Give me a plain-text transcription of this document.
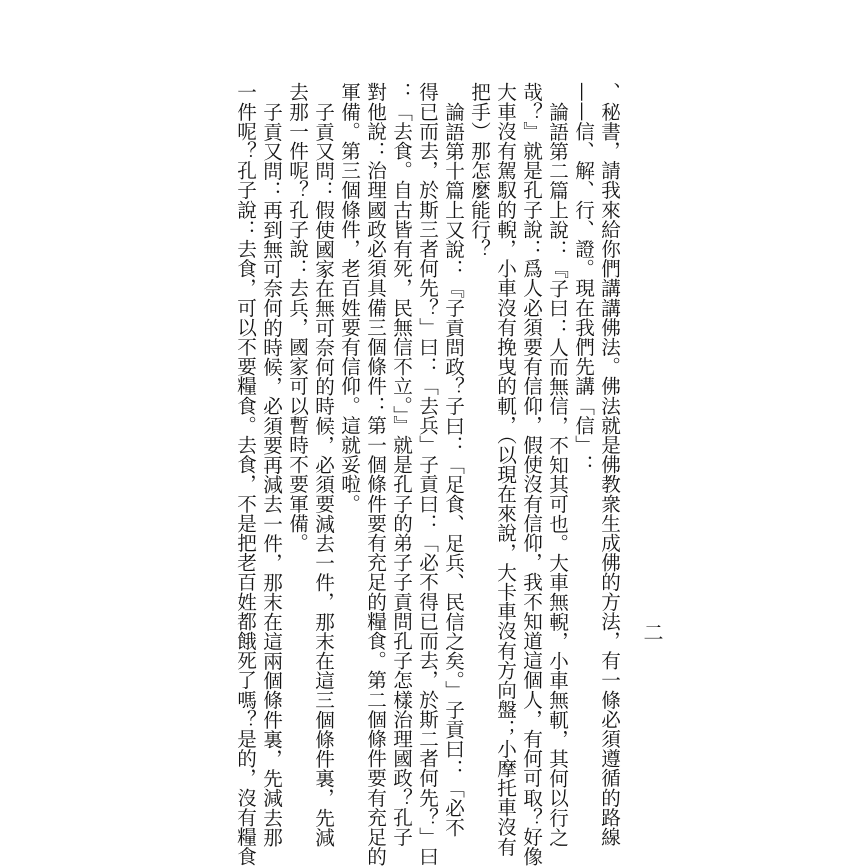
二
、秘書，請我來給你們講講佛法。佛法就是佛教衆生成佛的方法，有一條必須遵循的路線
——信、解、行、證。現在我們先講「信」：
論語第二篇上說：『子曰：人而無信，不知其可也。大車無輗，小車無軏，其何以行之
哉？』就是孔子說：爲人必須要有信仰，假使沒有信仰，我不知道這個人，有何可取？好像
大車沒有駕馭的輗，小車沒有挽曳的軏，（以現在來說，大卡車沒有方向盤；小摩托車沒有
把手）那怎麼能行？
論語第十篇上又說：『子貢問政？子曰：「足食、足兵、民信之矣。」子貢曰：「必不
得已而去，於斯三者何先？」曰：「去兵」子貢曰：「必不得已而去，於斯二者何先？」曰
：「去食。自古皆有死，民無信不立。」』就是孔子的弟子子貢問孔子怎樣治理國政？孔子
對他說：治理國政必須具備三個條件：第一個條件要有充足的糧食。第二個條件要有充足的
軍備。第三個條件，老百姓要有信仰。這就妥啦。
子貢又問：假使國家在無可奈何的時候，必須要減去一件，那末在這三個條件裏，先減
去那一件呢？孔子說：去兵，國家可以暫時不要軍備。
子貢又問：再到無可奈何的時候，必須要再減去一件，那末在這兩個條件裏，先減去那
一件呢？孔子說：去食，可以不要糧食。去食，不是把老百姓都餓死了嗎？是的，沒有糧食
